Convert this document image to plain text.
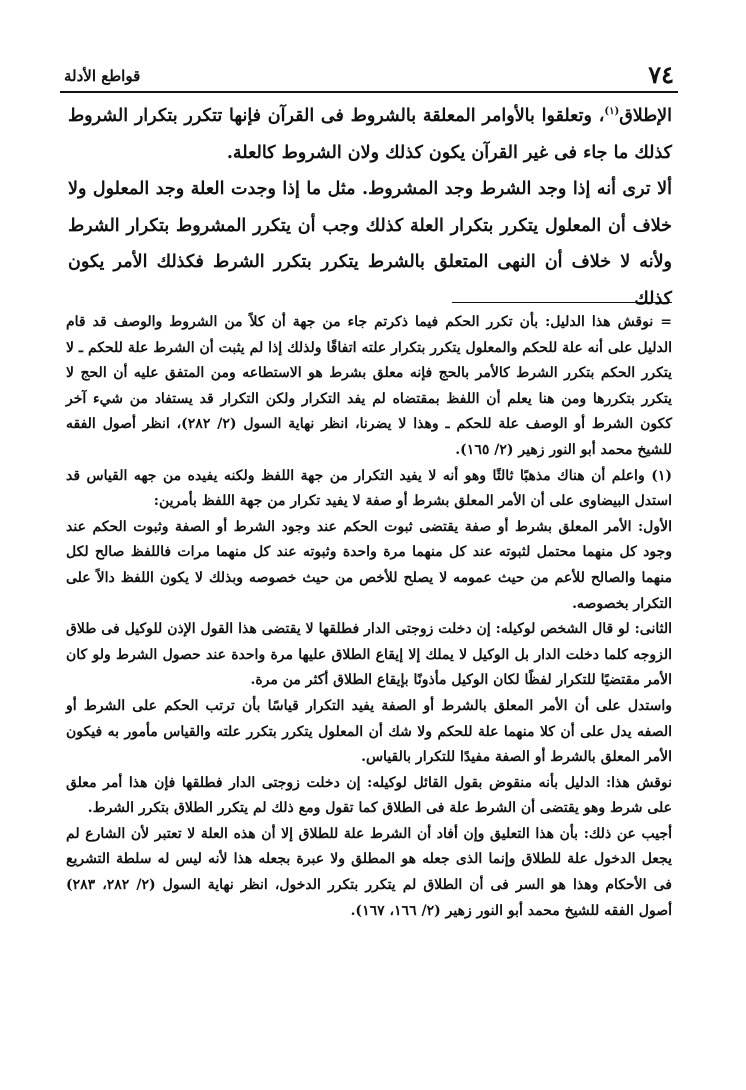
٧٤
قواطع الأدلة

الإطلاق$^{(١)}$، وتعلقوا بالأوامر المعلقة بالشروط فى القرآن فإنها تتكرر بتكرار الشروط كذلك ما جاء فى غير القرآن يكون كذلك ولان الشروط كالعلة.

ألا ترى أنه إذا وجد الشرط وجد المشروط. مثل ما إذا وجدت العلة وجد المعلول ولا خلاف أن المعلول يتكرر بتكرار العلة كذلك وجب أن يتكرر المشروط بتكرار الشرط ولأنه لا خلاف أن النهى المتعلق بالشرط يتكرر بتكرر الشرط فكذلك الأمر يكون كذلك

= نوقش هذا الدليل: بأن تكرر الحكم فيما ذكرتم جاء من جهة أن كلاً من الشروط والوصف قد قام الدليل على أنه علة للحكم والمعلول يتكرر بتكرار علته اتفاقًا ولذلك إذا لم يثبت أن الشرط علة للحكم ـ لا يتكرر الحكم بتكرر الشرط كالأمر بالحج فإنه معلق بشرط هو الاستطاعه ومن المتفق عليه أن الحج لا يتكرر بتكررها ومن هنا يعلم أن اللفظ بمقتضاه لم يفد التكرار ولكن التكرار قد يستفاد من شيء آخر ككون الشرط أو الوصف علة للحكم ـ وهذا لا يضرنا، انظر نهاية السول (٢/ ٢٨٢)، انظر أصول الفقه للشيخ محمد أبو النور زهير (٢/ ١٦٥).

(١) واعلم أن هناك مذهبًا ثالثًا وهو أنه لا يفيد التكرار من جهة اللفظ ولكنه يفيده من جهه القياس قد استدل البيضاوى على أن الأمر المعلق بشرط أو صفة لا يفيد تكرار من جهة اللفظ بأمرين:

الأول: الأمر المعلق بشرط أو صفة يقتضى ثبوت الحكم عند وجود الشرط أو الصفة وثبوت الحكم عند وجود كل منهما محتمل لثبوته عند كل منهما مرة واحدة وثبوته عند كل منهما مرات فاللفظ صالح لكل منهما والصالح للأعم من حيث عمومه لا يصلح للأخص من حيث خصوصه وبذلك لا يكون اللفظ دالاً على التكرار بخصوصه.

الثانى: لو قال الشخص لوكيله: إن دخلت زوجتى الدار فطلقها لا يقتضى هذا القول الإذن للوكيل فى طلاق الزوجه كلما دخلت الدار بل الوكيل لا يملك إلا إيقاع الطلاق عليها مرة واحدة عند حصول الشرط ولو كان الأمر مقتضيًا للتكرار لفظًا لكان الوكيل مأذونًا بإيقاع الطلاق أكثر من مرة.

واستدل على أن الأمر المعلق بالشرط أو الصفة يفيد التكرار قياسًا بأن ترتب الحكم على الشرط أو الصفه يدل على أن كلا منهما علة للحكم ولا شك أن المعلول يتكرر بتكرر علته والقياس مأمور به فيكون الأمر المعلق بالشرط أو الصفة مفيدًا للتكرار بالقياس.

نوقش هذا: الدليل بأنه منقوض بقول القائل لوكيله: إن دخلت زوجتى الدار فطلقها فإن هذا أمر معلق على شرط وهو يقتضى أن الشرط علة فى الطلاق كما تقول ومع ذلك لم يتكرر الطلاق بتكرر الشرط.

أجيب عن ذلك: بأن هذا التعليق وإن أفاد أن الشرط علة للطلاق إلا أن هذه العلة لا تعتبر لأن الشارع لم يجعل الدخول علة للطلاق وإنما الذى جعله هو المطلق ولا عبرة بجعله هذا لأنه ليس له سلطة التشريع فى الأحكام وهذا هو السر فى أن الطلاق لم يتكرر بتكرر الدخول، انظر نهاية السول (٢/ ٢٨٢، ٢٨٣) أصول الفقه للشيخ محمد أبو النور زهير (٢/ ١٦٦، ١٦٧).
